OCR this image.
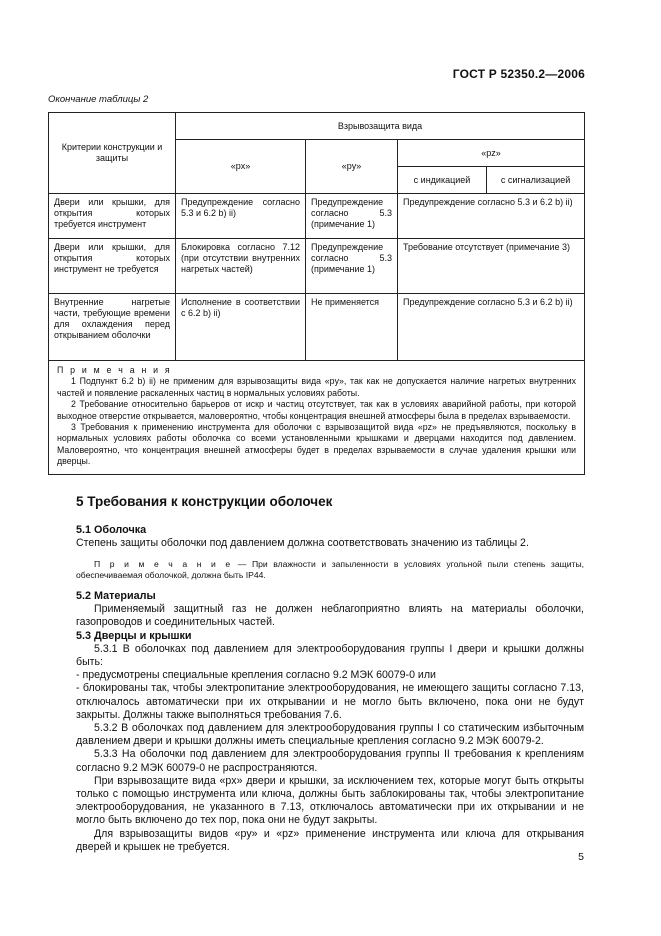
ГОСТ Р 52350.2—2006
Окончание таблицы 2
Критерии конструкции и защиты	Взрывозащита вида			
	«px»	«py»	«pz»	
			с индикацией	с сигнализацией

Двери или крышки, для открытия которых требуется инструмент	Предупреждение согласно 5.3 и 6.2 b) ii)	Предупреждение согласно 5.3 (примечание 1)	Предупреждение согласно 5.3 и 6.2 b) ii)	

Двери или крышки, для открытия которых инструмент не требуется	Блокировка согласно 7.12 (при отсутствии внутренних нагретых частей)	Предупреждение согласно 5.3 (примечание 1)	Требование отсутствует (примечание 3)	

Внутренние нагретые части, требующие времени для охлаждения перед открыванием оболочки	Исполнение в соответствии с 6.2 b) ii)	Не применяется	Предупреждение согласно 5.3 и 6.2 b) ii)	

П р и м е ч а н и я
1 Подпункт 6.2 b) ii) не применим для взрывозащиты вида «py», так как не допускается наличие нагретых внутренних частей и появление раскаленных частиц в нормальных условиях работы.
2 Требование относительно барьеров от искр и частиц отсутствует, так как в условиях аварийной работы, при которой выходное отверстие открывается, маловероятно, чтобы концентрация внешней атмосферы была в пределах взрываемости.
3 Требования к применению инструмента для оболочки с взрывозащитой вида «pz» не предъявляются, поскольку в нормальных условиях работы оболочка со всеми установленными крышками и дверцами находится под давлением. Маловероятно, что концентрация внешней атмосферы будет в пределах взрываемости в случае удаления крышки или дверцы.				
5 Требования к конструкции оболочек
5.1 Оболочка
Степень защиты оболочки под давлением должна соответствовать значению из таблицы 2.
П р и м е ч а н и е — При влажности и запыленности в условиях угольной пыли степень защиты, обеспечиваемая оболочкой, должна быть IP44.
5.2 Материалы
Применяемый защитный газ не должен неблагоприятно влиять на материалы оболочки, газопроводов и соединительных частей.
5.3 Дверцы и крышки
5.3.1 В оболочках под давлением для электрооборудования группы I двери и крышки должны быть:
- предусмотрены специальные крепления согласно 9.2 МЭК 60079-0 или
- блокированы так, чтобы электропитание электрооборудования, не имеющего защиты согласно 7.13, отключалось автоматически при их открывании и не могло быть включено, пока они не будут закрыты. Должны также выполняться требования 7.6.
5.3.2 В оболочках под давлением для электрооборудования группы I со статическим избыточным давлением двери и крышки должны иметь специальные крепления согласно 9.2 МЭК 60079-2.
5.3.3 На оболочки под давлением для электрооборудования группы II требования к креплениям согласно 9.2 МЭК 60079-0 не распространяются.
При взрывозащите вида «px» двери и крышки, за исключением тех, которые могут быть открыты только с помощью инструмента или ключа, должны быть заблокированы так, чтобы электропитание электрооборудования, не указанного в 7.13, отключалось автоматически при их открывании и не могло быть включено до тех пор, пока они не будут закрыты.
Для взрывозащиты видов «py» и «pz» применение инструмента или ключа для открывания дверей и крышек не требуется.
5
